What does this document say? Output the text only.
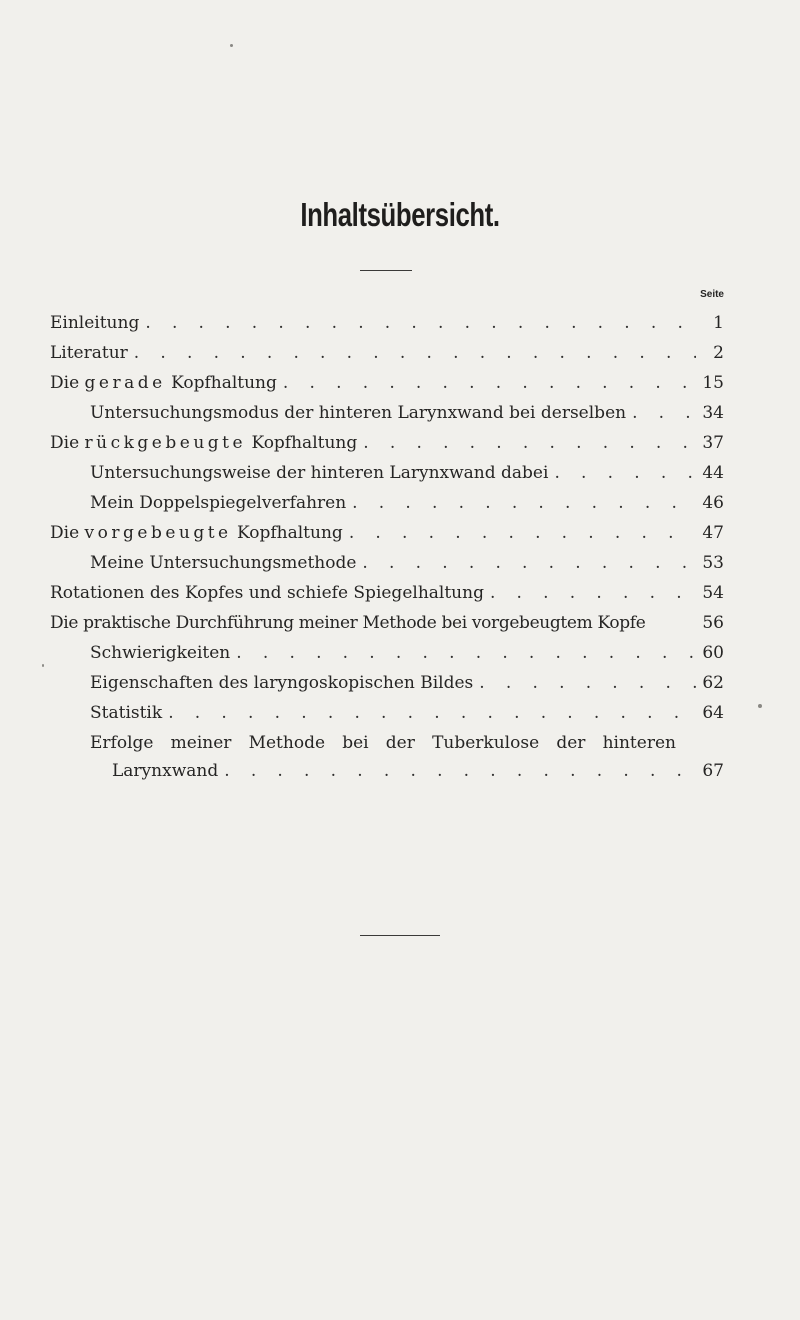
Inhaltsübersicht.
Seite
Einleitung . . .	1
Literatur . . .	2
Die gerade Kopfhaltung . . .	15
Untersuchungsmodus der hinteren Larynxwand bei derselben . . .	34
Die rückgebeugte Kopfhaltung . . .	37
Untersuchungsweise der hinteren Larynxwand dabei . . .	44
Mein Doppelspiegelverfahren . . .	46
Die vorgebeugte Kopfhaltung . . .	47
Meine Untersuchungsmethode . . .	53
Rotationen des Kopfes und schiefe Spiegelhaltung . . .	54
Die praktische Durchführung meiner Methode bei vorgebeugtem Kopfe	56
Schwierigkeiten . . .	60
Eigenschaften des laryngoskopischen Bildes . . .	62
Statistik . . .	64
Erfolge meiner Methode bei der Tuberkulose der hinteren
Larynxwand . . .	67
